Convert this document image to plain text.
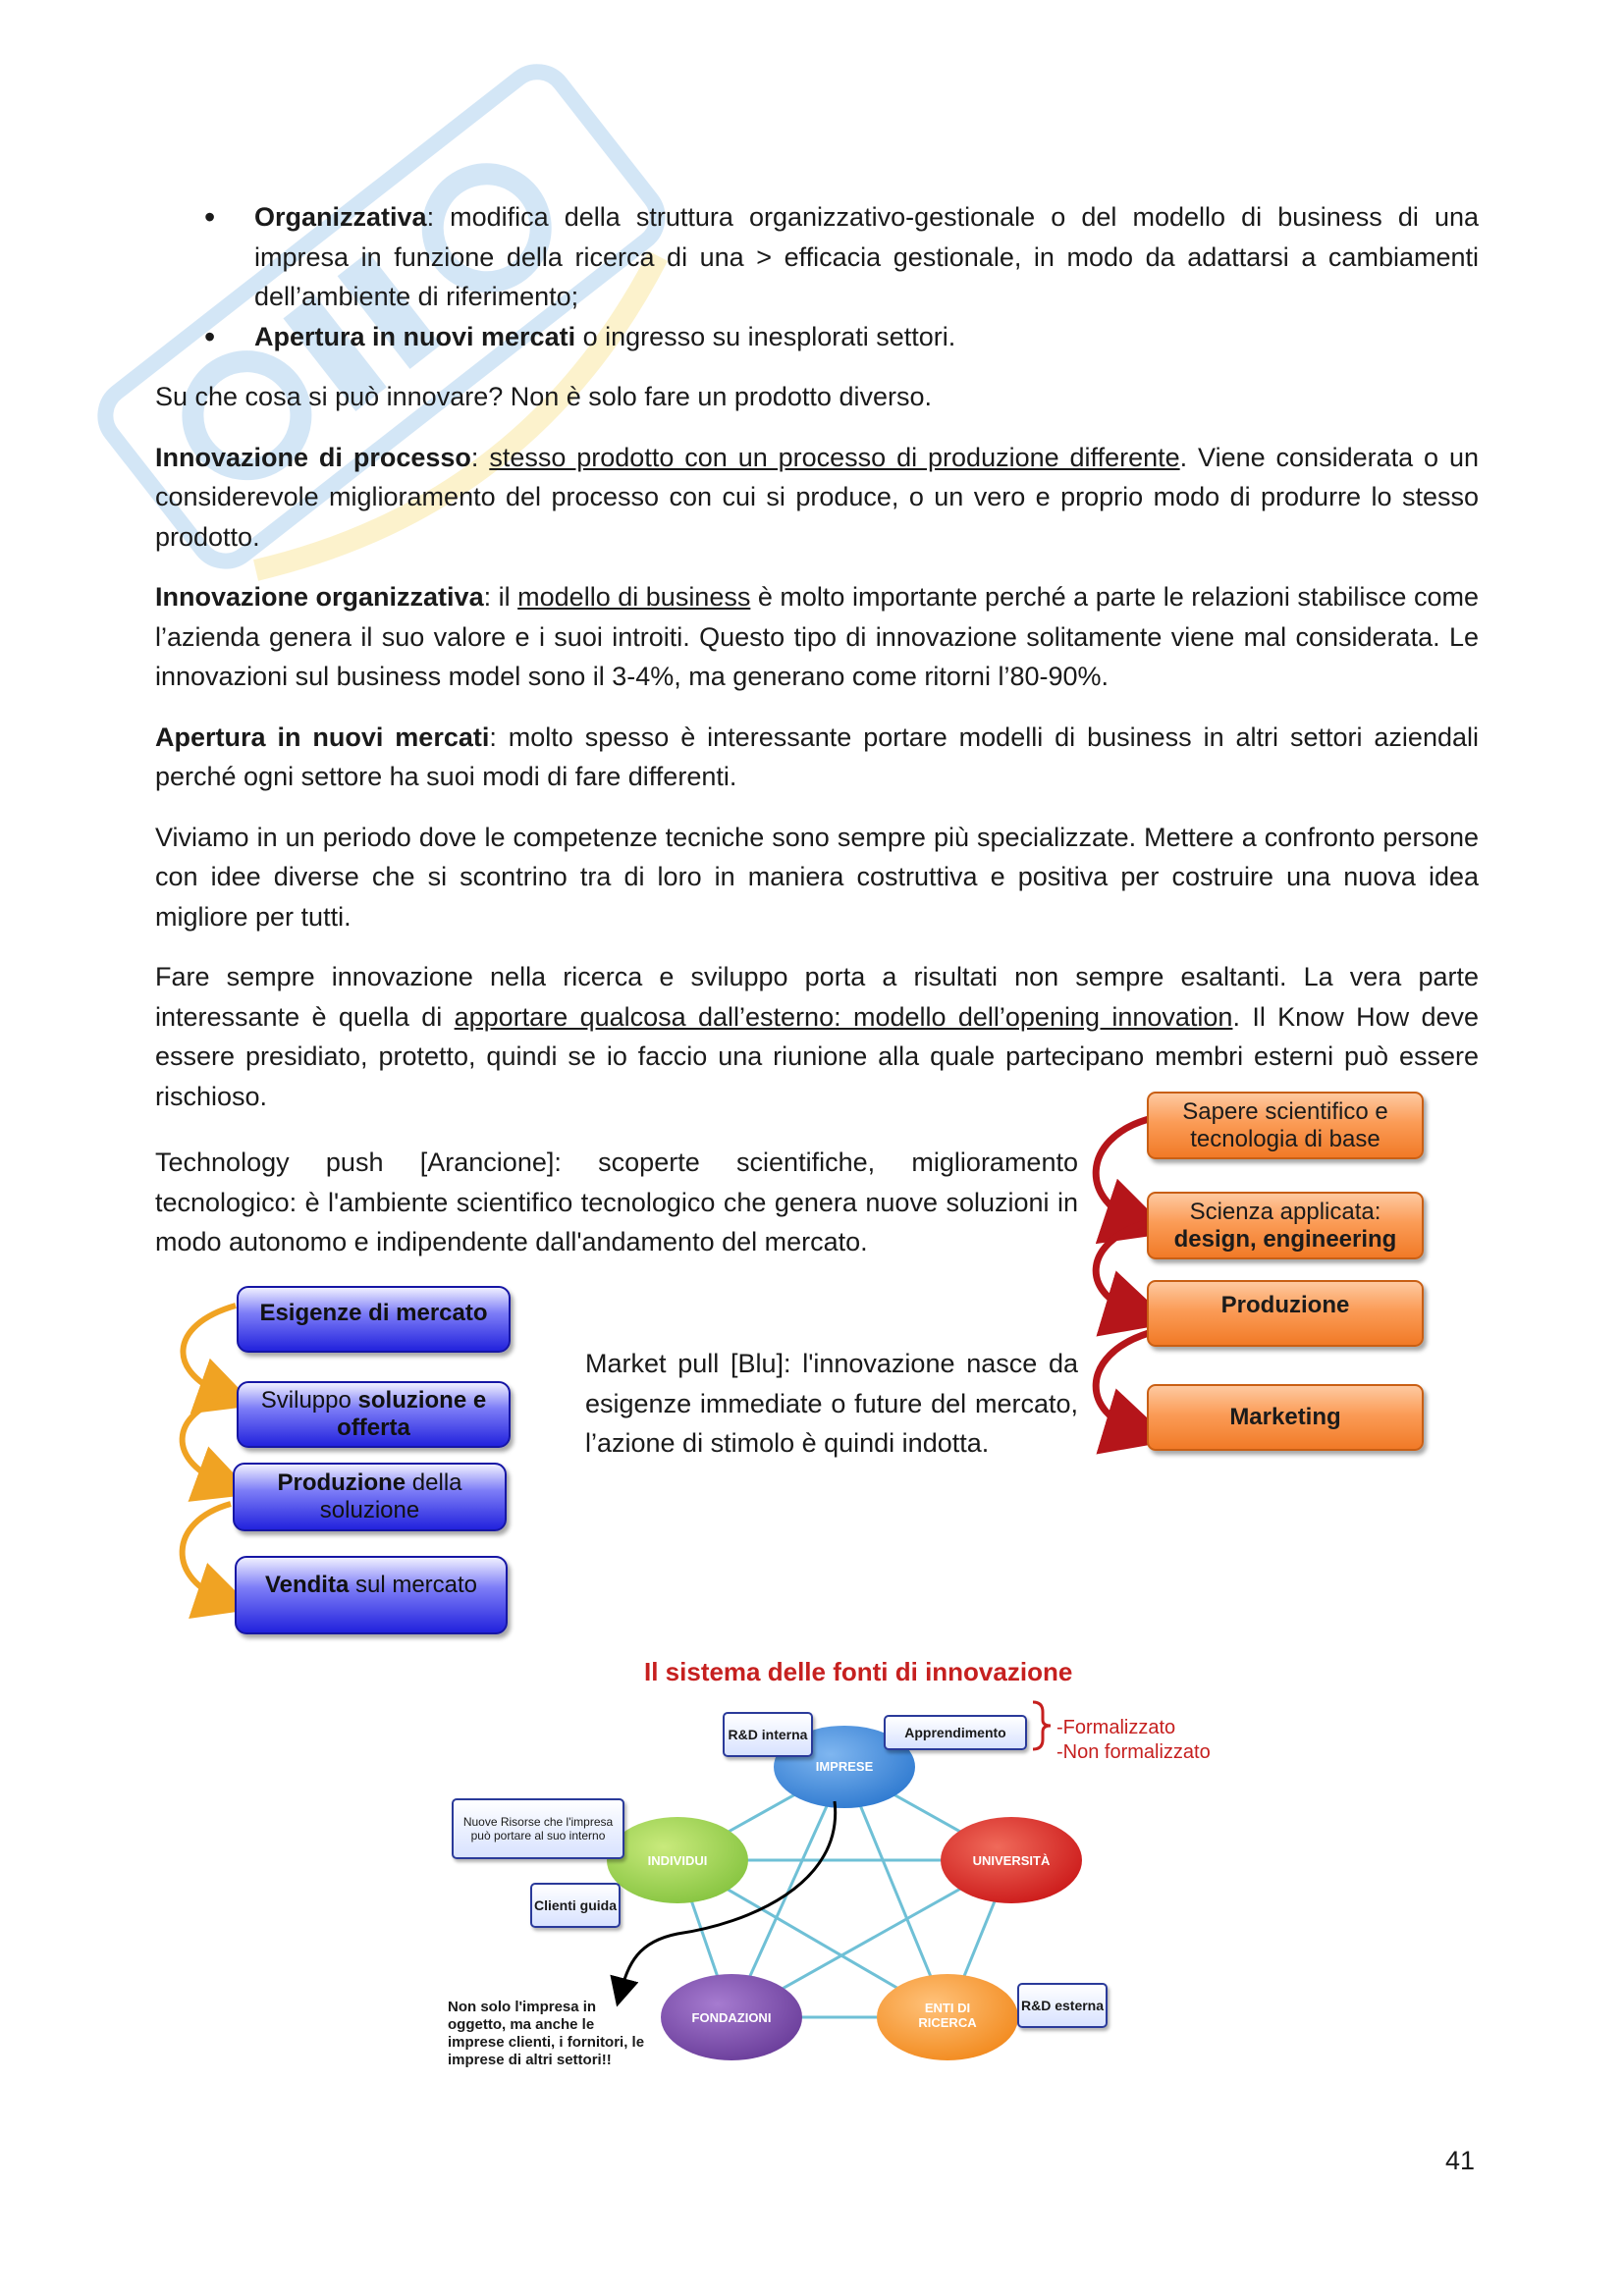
• Organizzativa: modifica della struttura organizzativo-gestionale o del modello di business di una impresa in funzione della ricerca di una > efficacia gestionale, in modo da adattarsi a cambiamenti dell’ambiente di riferimento;
• Apertura in nuovi mercati o ingresso su inesplorati settori.

Su che cosa si può innovare? Non è solo fare un prodotto diverso.

Innovazione di processo: stesso prodotto con un processo di produzione differente. Viene considerata o un considerevole miglioramento del processo con cui si produce, o un vero e proprio modo di produrre lo stesso prodotto.

Innovazione organizzativa: il modello di business è molto importante perché a parte le relazioni stabilisce come l’azienda genera il suo valore e i suoi introiti. Questo tipo di innovazione solitamente viene mal considerata. Le innovazioni sul business model sono il 3-4%, ma generano come ritorni l’80-90%.

Apertura in nuovi mercati: molto spesso è interessante portare modelli di business in altri settori aziendali perché ogni settore ha suoi modi di fare differenti.

Viviamo in un periodo dove le competenze tecniche sono sempre più specializzate. Mettere a confronto persone con idee diverse che si scontrino tra di loro in maniera costruttiva e positiva per costruire una nuova idea migliore per tutti.

Fare sempre innovazione nella ricerca e sviluppo porta a risultati non sempre esaltanti. La vera parte interessante è quella di apportare qualcosa dall’esterno: modello dell’opening innovation. Il Know How deve essere presidiato, protetto, quindi se io faccio una riunione alla quale partecipano membri esterni può essere rischioso.

Technology push [Arancione]: scoperte scientifiche, miglioramento tecnologico: è l'ambiente scientifico tecnologico che genera nuove soluzioni in modo autonomo e indipendente dall'andamento del mercato.

Market pull [Blu]: l'innovazione nasce da esigenze immediate o future del mercato, l’azione di stimolo è quindi indotta.

Sapere scientifico e
tecnologia di base
Scienza applicata:
design, engineering
Produzione
Marketing
Esigenze di mercato
Sviluppo soluzione e offerta
Produzione della soluzione
Vendita sul mercato
Il sistema delle fonti di innovazione
IMPRESE
INDIVIDUI	UNIVERSITÀ
FONDAZIONI
ENTI DI RICERCA
R&D interna	Apprendimento
Nuove Risorse che l'impresa può portare al suo interno
Clienti guida
R&D esterna
-Formalizzato
-Non formalizzato
Non solo l'impresa in oggetto, ma anche le imprese clienti, i fornitori, le imprese di altri settori!!
41
